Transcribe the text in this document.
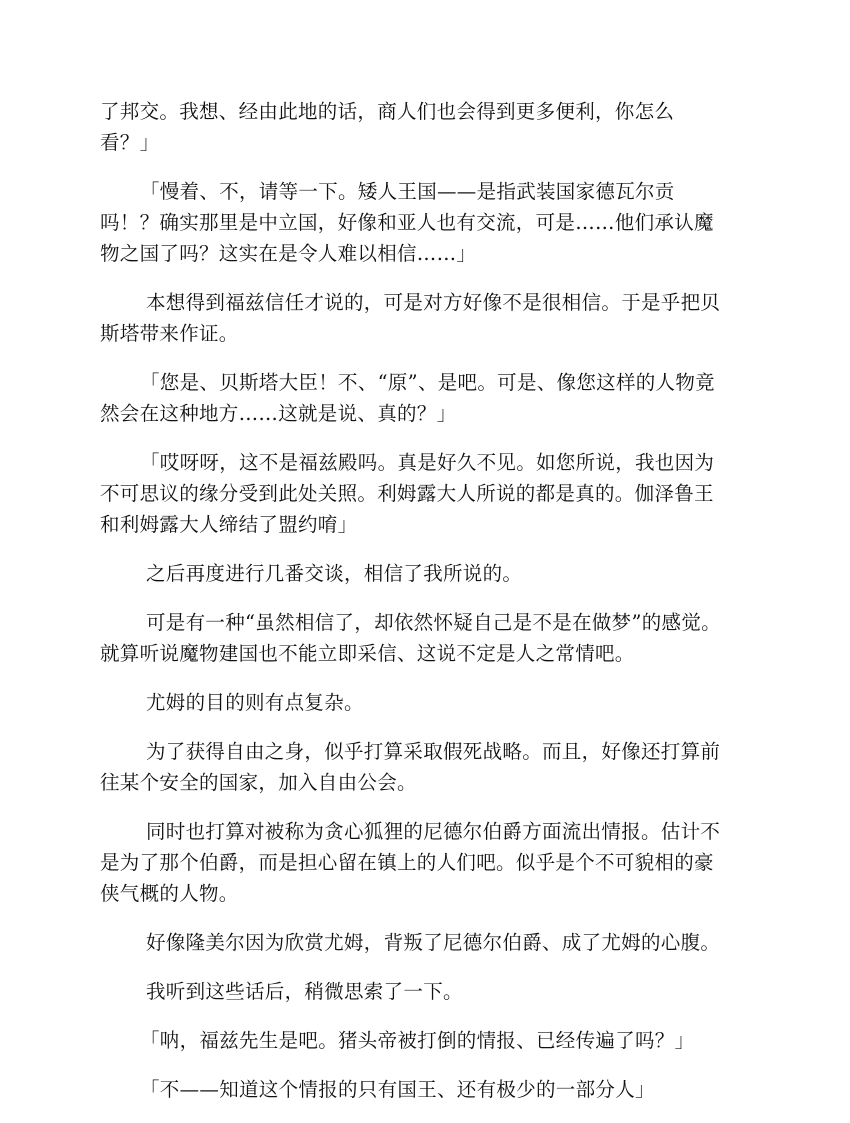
了邦交。我想、经由此地的话，商人们也会得到更多便利，你怎么
看？」

「慢着、不，请等一下。矮人王国——是指武装国家德瓦尔贡
吗！？确实那里是中立国，好像和亚人也有交流，可是……他们承认魔
物之国了吗？这实在是令人难以相信……」

本想得到福兹信任才说的，可是对方好像不是很相信。于是乎把贝
斯塔带来作证。

「您是、贝斯塔大臣！不、“原”、是吧。可是、像您这样的人物竟
然会在这种地方……这就是说、真的？」

「哎呀呀，这不是福兹殿吗。真是好久不见。如您所说，我也因为
不可思议的缘分受到此处关照。利姆露大人所说的都是真的。伽泽鲁王
和利姆露大人缔结了盟约唷」

之后再度进行几番交谈，相信了我所说的。

可是有一种“虽然相信了，却依然怀疑自己是不是在做梦”的感觉。
就算听说魔物建国也不能立即采信、这说不定是人之常情吧。

尤姆的目的则有点复杂。

为了获得自由之身，似乎打算采取假死战略。而且，好像还打算前
往某个安全的国家，加入自由公会。

同时也打算对被称为贪心狐狸的尼德尔伯爵方面流出情报。估计不
是为了那个伯爵，而是担心留在镇上的人们吧。似乎是个不可貌相的豪
侠气概的人物。

好像隆美尔因为欣赏尤姆，背叛了尼德尔伯爵、成了尤姆的心腹。

我听到这些话后，稍微思索了一下。

「呐，福兹先生是吧。猪头帝被打倒的情报、已经传遍了吗？」

「不——知道这个情报的只有国王、还有极少的一部分人」
